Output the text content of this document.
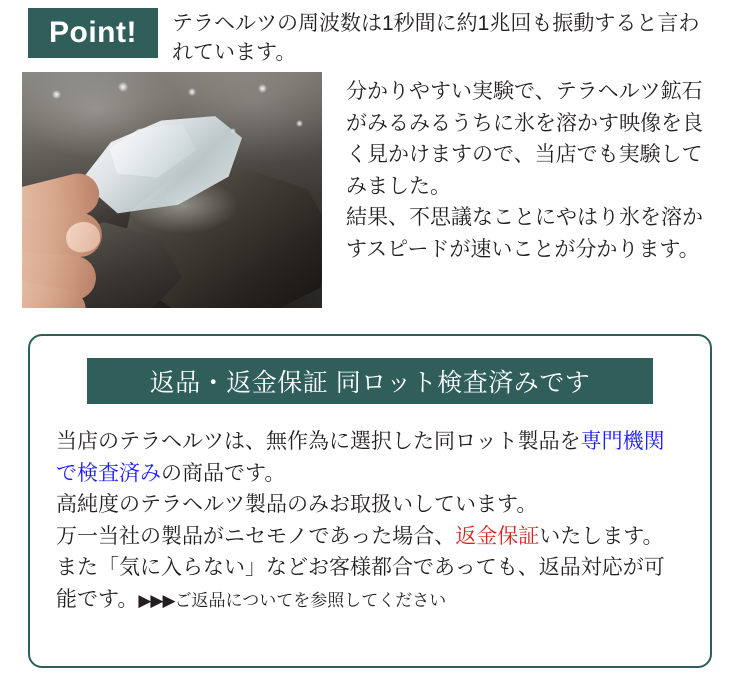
Point!	テラヘルツの周波数は1秒間に約1兆回も振動すると言われています。

分かりやすい実験で、テラヘルツ鉱石がみるみるうちに氷を溶かす映像を良く見かけますので、当店でも実験してみました。

結果、不思議なことにやはり氷を溶かすスピードが速いことが分かります。

返品・返金保証 同ロット検査済みです

当店のテラヘルツは、無作為に選択した同ロット製品を専門機関で検査済みの商品です。

高純度のテラヘルツ製品のみお取扱いしています。

万一当社の製品がニセモノであった場合、返金保証いたします。

また「気に入らない」などお客様都合であっても、返品対応が可能です。▶▶▶ご返品についてを参照してください
